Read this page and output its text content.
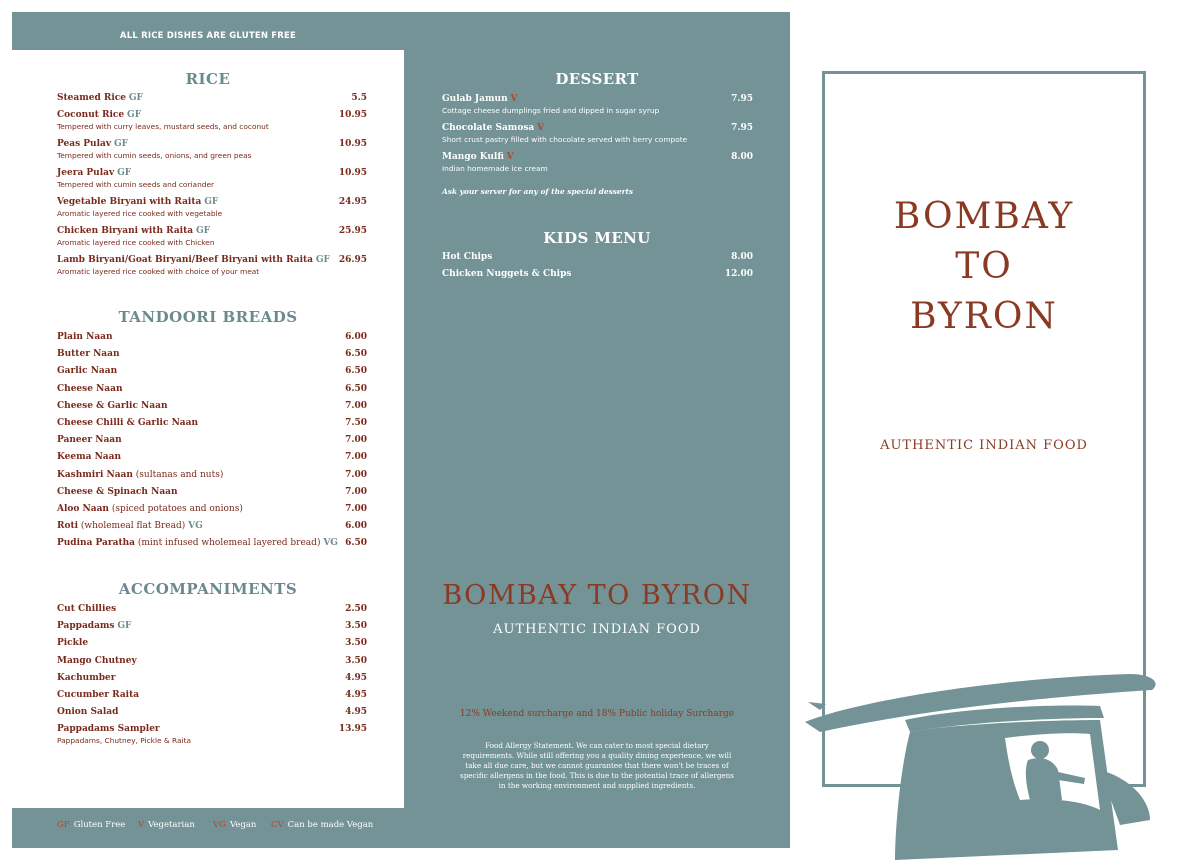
ALL RICE DISHES ARE GLUTEN FREE
RICE
Steamed Rice GF	5.5
Coconut Rice GF	10.95
Tempered with curry leaves, mustard seeds, and coconut
Peas Pulav GF	10.95
Tempered with cumin seeds, onions, and green peas
Jeera Pulav GF	10.95
Tempered with cumin seeds and coriander
Vegetable Biryani with Raita GF	24.95
Aromatic layered rice cooked with vegetable
Chicken Biryani with Raita GF	25.95
Aromatic layered rice cooked with Chicken
Lamb Biryani/Goat Biryani/Beef Biryani with Raita GF 26.95
Aromatic layered rice cooked with choice of your meat
TANDOORI BREADS
Plain Naan	6.00
Butter Naan	6.50
Garlic Naan	6.50
Cheese Naan	6.50
Cheese & Garlic Naan	7.00
Cheese Chilli & Garlic Naan	7.50
Paneer Naan	7.00
Keema Naan	7.00
Kashmiri Naan (sultanas and nuts)	7.00
Cheese & Spinach Naan	7.00
Aloo Naan (spiced potatoes and onions)	7.00
Roti (wholemeal flat Bread) VG	6.00
Pudina Paratha (mint infused wholemeal layered bread) VG 6.50
ACCOMPANIMENTS
Cut Chillies	2.50
Pappadams GF	3.50
Pickle	3.50
Mango Chutney	3.50
Kachumber	4.95
Cucumber Raita	4.95
Onion Salad	4.95
Pappadams Sampler	13.95
Pappadams, Chutney, Pickle & Raita
GF Gluten Free V Vegetarian VG Vegan CV Can be made Vegan
DESSERT
Gulab Jamun V	7.95
Cottage cheese dumplings fried and dipped in sugar syrup
Chocolate Samosa V	7.95
Short crust pastry filled with chocolate served with berry compote
Mango Kulfi V	8.00
Indian homemade ice cream
Ask your server for any of the special desserts
KIDS MENU
Hot Chips	8.00
Chicken Nuggets & Chips	12.00
BOMBAY TO BYRON
AUTHENTIC INDIAN FOOD
12% Weekend surcharge and 18% Public holiday Surcharge
Food Allergy Statement. We can cater to most special dietary requirements. While still offering you a quality dining experience, we will take all due care, but we cannot guarantee that there won't be traces of specific allergens in the food. This is due to the potential trace of allergens in the working environment and supplied ingredients.
BOMBAY
TO
BYRON
AUTHENTIC INDIAN FOOD
